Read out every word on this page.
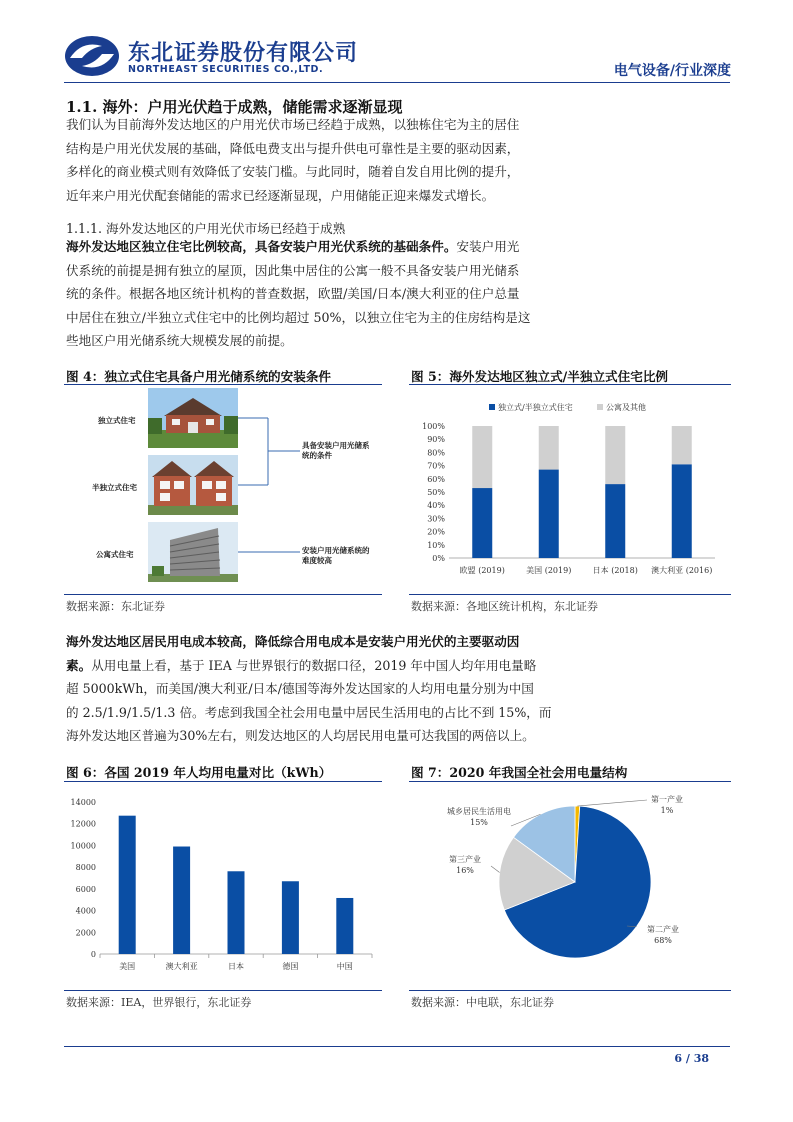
东北证券股份有限公司
NORTHEAST SECURITIES CO.,LTD.	电气设备/行业深度
1.1. 海外：户用光伏趋于成熟，储能需求逐渐显现
我们认为目前海外发达地区的户用光伏市场已经趋于成熟，以独栋住宅为主的居住
结构是户用光伏发展的基础，降低电费支出与提升供电可靠性是主要的驱动因素，
多样化的商业模式则有效降低了安装门槛。与此同时，随着自发自用比例的提升，
近年来户用光伏配套储能的需求已经逐渐显现，户用储能正迎来爆发式增长。
1.1.1. 海外发达地区的户用光伏市场已经趋于成熟
海外发达地区独立住宅比例较高，具备安装户用光伏系统的基础条件。安装户用光
伏系统的前提是拥有独立的屋顶，因此集中居住的公寓一般不具备安装户用光储系
统的条件。根据各地区统计机构的普查数据，欧盟/美国/日本/澳大利亚的住户总量
中居住在独立/半独立式住宅中的比例均超过 50%，以独立住宅为主的住房结构是这
些地区户用光储系统大规模发展的前提。
图 4：独立式住宅具备户用光储系统的安装条件
独立式住宅
半独立式住宅
公寓式住宅
具备安装户用光储系统的条件
安装户用光储系统的难度较高
数据来源：东北证券
图 5：海外发达地区独立式/半独立式住宅比例
独立式/半独立式住宅	公寓及其他
0%
10%
20%
30%
40%
50%
60%
70%
80%
90%
100%
欧盟 (2019)	美国 (2019)	日本 (2018) 澳大利亚 (2016)
数据来源：各地区统计机构，东北证券
海外发达地区居民用电成本较高，降低综合用电成本是安装户用光伏的主要驱动因
素。从用电量上看，基于 IEA 与世界银行的数据口径，2019 年中国人均年用电量略
超 5000kWh，而美国/澳大利亚/日本/德国等海外发达国家的人均用电量分别为中国
的 2.5/1.9/1.5/1.3 倍。考虑到我国全社会用电量中居民生活用电的占比不到 15%，而
海外发达地区普遍为30%左右，则发达地区的人均居民用电量可达我国的两倍以上。
图 6：各国 2019 年人均用电量对比（kWh）
0
2000
4000
6000
8000
10000
12000
14000
美国	澳大利亚	日本	德国	中国
数据来源：IEA，世界银行，东北证券
图 7：2020 年我国全社会用电量结构
第一产业
1%
第二产业
68%
第三产业
16%
城乡居民生活用电
15%
数据来源：中电联，东北证券
6 / 38
